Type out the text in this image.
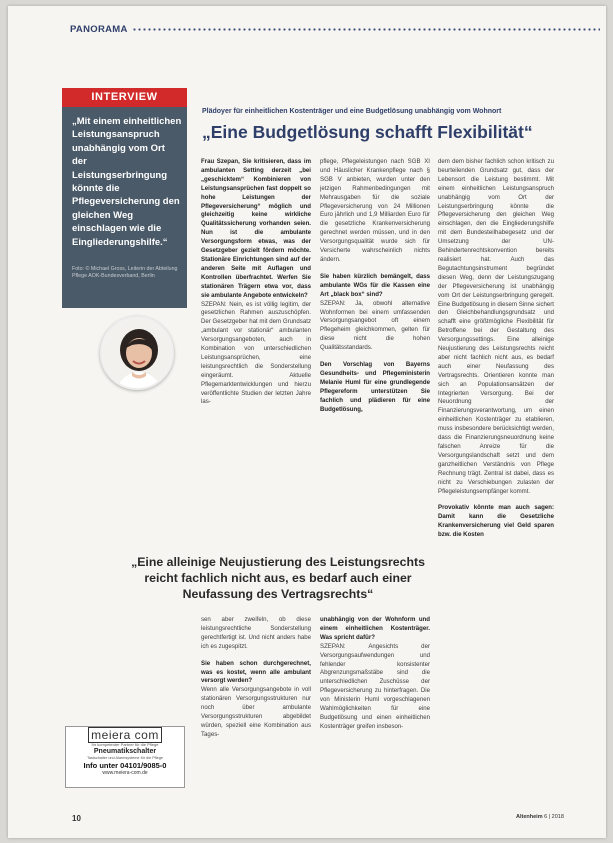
PANORAMA
INTERVIEW
„Mit einem einheitlichen Leistungsanspruch unabhängig vom Ort der Leistungserbringung könnte die Pflegeversicherung den gleichen Weg einschlagen wie die Eingliederungshilfe.“
Foto: © Michael Gross, Leiterin der Abteilung Pflege AOK-Bundesverband, Berlin
Plädoyer für einheitlichen Kostenträger und eine Budgetlösung unabhängig vom Wohnort
„Eine Budgetlösung schafft Flexibilität“

Frau Szepan, Sie kritisieren, dass im ambulanten Setting derzeit „bei „geschicktem“ Kombinieren von Leistungsansprüchen fast doppelt so hohe Leistungen der Pflegeversicherung“ möglich und gleichzeitig keine wirkliche Qualitätssicherung vorhanden seien. Nun ist die ambulante Versorgungsform etwas, was der Gesetzgeber gezielt fördern möchte. Stationäre Einrichtungen sind auf der anderen Seite mit Auflagen und Kontrollen überfrachtet. Werfen Sie stationären Trägern etwa vor, dass sie ambulante Angebote entwickeln?

SZEPAN: Nein, es ist völlig legitim, der gesetzlichen Rahmen auszuschöpfen. Der Gesetzgeber hat mit dem Grundsatz „ambulant vor stationär“ ambulanten Versorgungsangeboten, auch in Kombination von unterschiedlichen Leistungsansprüchen, eine leistungsrechtlich die Sonderstellung eingeräumt. Aktuelle Pflegemarktentwicklungen und hierzu veröffentlichte Studien der letzten Jahre las-

pflege, Pflegeleistungen nach SGB XI und Häuslicher Krankenpflege nach § SGB V anbieten, wurden unter den jetzigen Rahmenbedingungen mit Mehrausgaben für die soziale Pflegeversicherung von 24 Millionen Euro jährlich und 1,9 Milliarden Euro für die gesetzliche Krankenversicherung gerechnet werden müssen, und in den Versorgungsqualität wurde sich für Versicherte wahrscheinlich nichts ändern.

Sie haben kürzlich bemängelt, dass ambulante WGs für die Kassen eine Art „black box“ sind?

SZEPAN: Ja, obwohl alternative Wohnformen bei einem umfassenden Versorgungsangebot oft einem Pflegeheim gleichkommen, gelten für diese nicht die hohen Qualitätsstandards.

Den Vorschlag von Bayerns Gesundheits- und Pflegeministerin Melanie Huml für eine grundlegende Pflegereform unterstützen Sie fachlich und plädieren für eine Budgetlösung,

dem dem bisher fachlich schon kritisch zu beurteilenden Grundsatz gut, dass der Lebensort die Leistung bestimmt. Mit einem einheitlichen Leistungsanspruch unabhängig vom Ort der Leistungserbringung könnte die Pflegeversicherung den gleichen Weg einschlagen, den die Eingliederungshilfe mit dem Bundesteilhabegesetz und der Umsetzung der UN-Behindertenrechtskonvention bereits realisiert hat. Auch das Begutachtungsinstrument begründet diesen Weg, denn der Leistungszugang der Pflegeversicherung ist unabhängig vom Ort der Leistungserbringung geregelt. Eine Budgetlösung in diesem Sinne sichert den Gleichbehandlungsgrundsatz und schafft eine größtmögliche Flexibilität für Betroffene bei der Gestaltung des Versorgungssettings. Eine alleinige Neujustierung des Leistungsrechts reicht aber nicht fachlich nicht aus, es bedarf auch einer Neufassung des Vertragsrechts. Orientieren konnte man sich an Populationsansätzen der Integrierten Versorgung. Bei der Neuordnung der Finanzierungsverantwortung, um einen einheitlichen Kostenträger zu etablieren, muss insbesondere berücksichtigt werden, dass die Finanzierungsneuordnung keine falschen Anreize für die Versorgungslandschaft setzt und dem ganzheitlichen Verständnis von Pflege Rechnung trägt. Zentral ist dabei, dass es nicht zu Verschiebungen zulasten der Pflegeleistungsempfänger kommt.

Provokativ könnte man auch sagen: Damit kann die Gesetzliche Krankenversicherung viel Geld sparen bzw. die Kosten

„Eine alleinige Neujustierung des Leistungsrechts reicht fachlich nicht aus, es bedarf auch einer Neufassung des Vertragsrechts“

sen aber zweifeln, ob diese leistungsrechtliche Sonderstellung gerechtfertigt ist. Und nicht anders habe ich es zugespitzt.

Sie haben schon durchgerechnet, was es kostet, wenn alle ambulant versorgt werden?

Wenn alle Versorgungsangebote in voll stationären Versorgungsstrukturen nur noch über ambulante Versorgungsstrukturen abgebildet würden, speziell eine Kombination aus Tages-

unabhängig von der Wohnform und einem einheitlichen Kostenträger. Was spricht dafür?

SZEPAN: Angesichts der Versorgungsaufwendungen und fehlender konsistenter Abgrenzungsmaßstäbe sind die unterschiedlichen Zuschüsse der Pflegeversicherung zu hinterfragen. Die von Ministerin Huml vorgeschlagenen Wahlmöglichkeiten für eine Budgetlösung und einen einheitlichen Kostenträger greifen insbeson-

meiera com
Ihr kompetenter Partner für die Pflege
Pneumatikschalter
Tastschalter und Alarmsysteme für die Pflege
Info unter 04101/9085-0
www.meiera-com.de
10	Altenheim 6 | 2018
